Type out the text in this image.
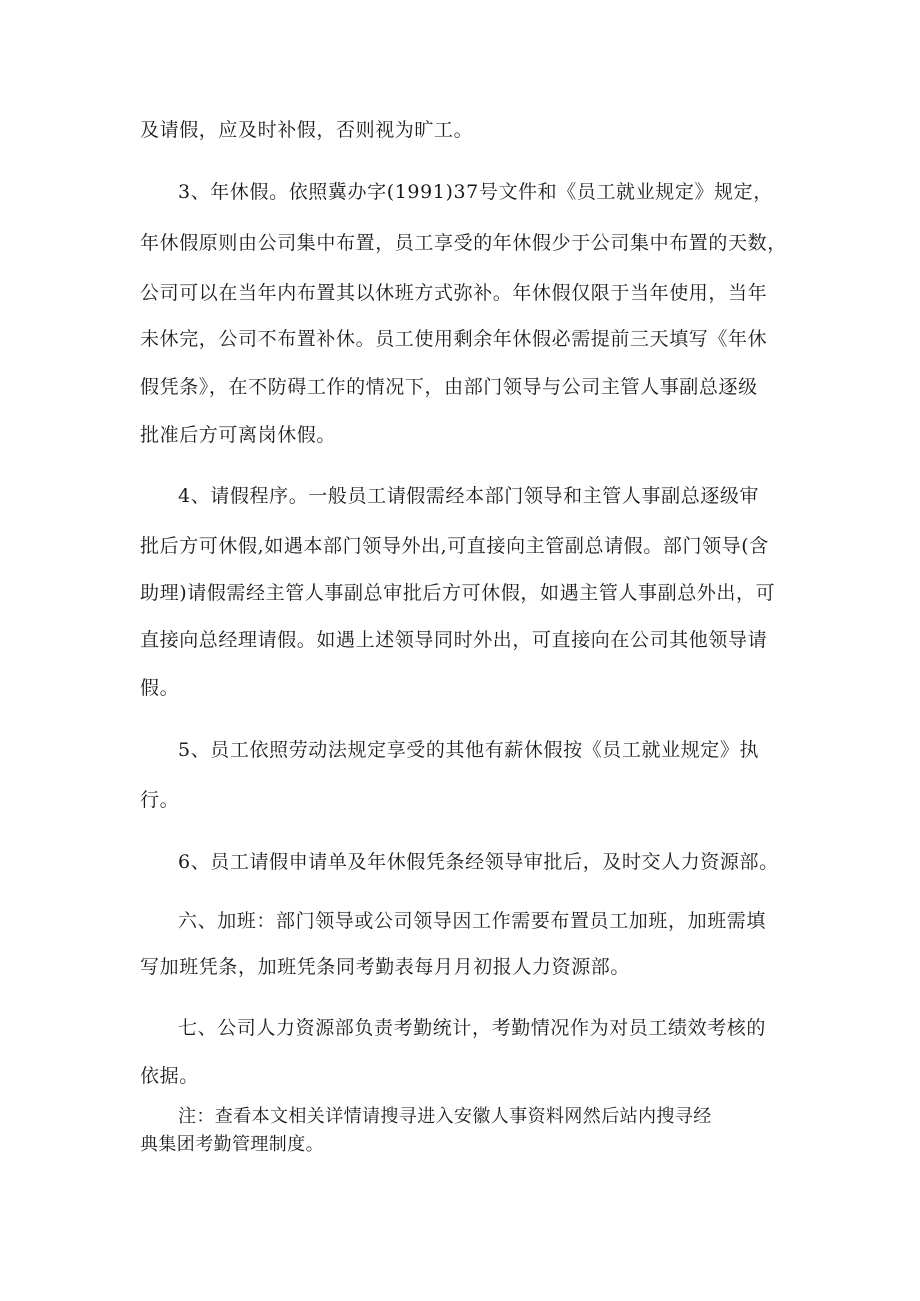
及请假，应及时补假，否则视为旷工。
3、年休假。依照冀办字(1991)37号文件和《员工就业规定》规定，
年休假原则由公司集中布置，员工享受的年休假少于公司集中布置的天数，
公司可以在当年内布置其以休班方式弥补。年休假仅限于当年使用，当年
未休完，公司不布置补休。员工使用剩余年休假必需提前三天填写《年休
假凭条》，在不防碍工作的情况下，由部门领导与公司主管人事副总逐级
批准后方可离岗休假。
4、请假程序。一般员工请假需经本部门领导和主管人事副总逐级审
批后方可休假,如遇本部门领导外出,可直接向主管副总请假。部门领导(含
助理)请假需经主管人事副总审批后方可休假，如遇主管人事副总外出，可
直接向总经理请假。如遇上述领导同时外出，可直接向在公司其他领导请
假。
5、员工依照劳动法规定享受的其他有薪休假按《员工就业规定》执
行。
6、员工请假申请单及年休假凭条经领导审批后，及时交人力资源部。
六、加班：部门领导或公司领导因工作需要布置员工加班，加班需填
写加班凭条，加班凭条同考勤表每月月初报人力资源部。
七、公司人力资源部负责考勤统计，考勤情况作为对员工绩效考核的
依据。
注：查看本文相关详情请搜寻进入安徽人事资料网然后站内搜寻经
典集团考勤管理制度。
